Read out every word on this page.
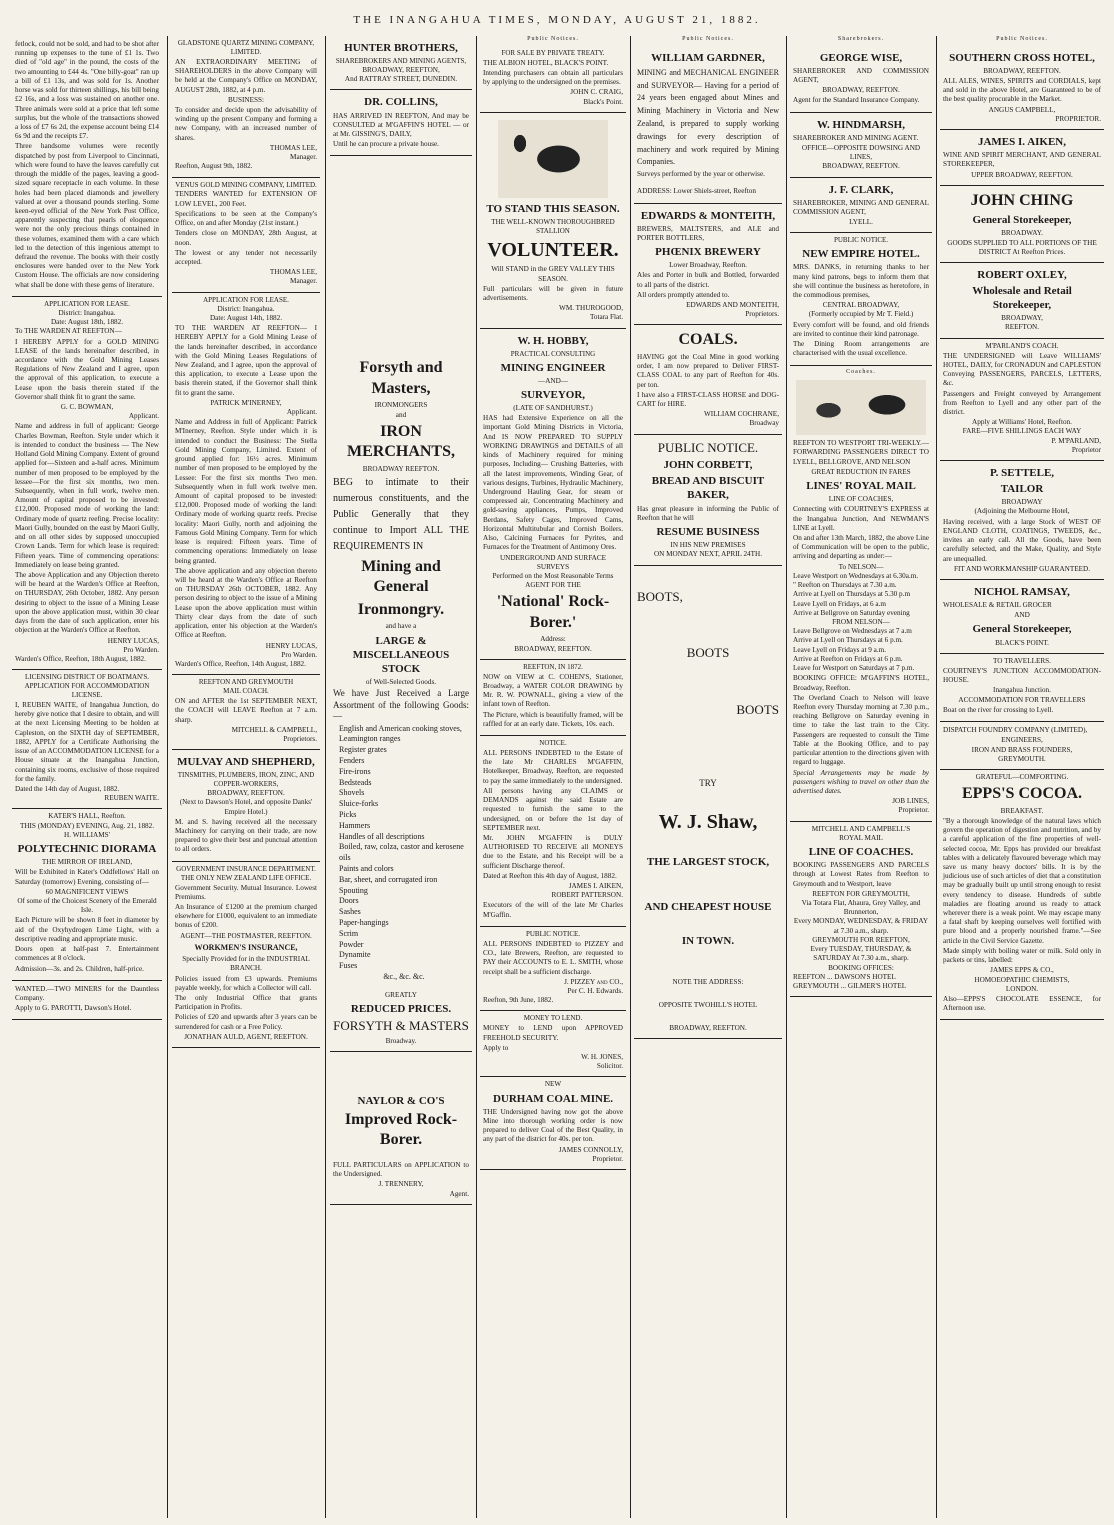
THE INANGAHUA TIMES, MONDAY, AUGUST 21, 1882.
fetlock, could not be sold, and had to be shot after running up expenses to the tune of £1 1s. Two died of "old age" in the pound, the costs of the two amounting to £44 4s. "One billy-goat" ran up a bill of £1 13s, and was sold for 1s. Another horse was sold for thirteen shillings, his bill being £2 16s, and a loss was sustained on another one. Three animals were sold at a price that left some surplus, but the whole of the transactions showed a loss of £7 6s 2d, the expense account being £14 6s 9d and the receipts £7.
Three handsome volumes were recently dispatched by post from Liverpool to Cincinnati, which were found to have the leaves carefully cut through the middle of the pages, leaving a good-sized square receptacle in each volume. In these holes had been placed diamonds and jewellery valued at over a thousand pounds sterling. Some keen-eyed official of the New York Post Office, apparently suspecting that pearls of eloquence were not the only precious things contained in these volumes, examined them with a care which led to the detection of this ingenious attempt to defraud the revenue. The books with their costly enclosures were handed over to the New York Custom House. The officials are now considering what shall be done with these gems of literature.
APPLICATION FOR LEASE.
District: Inangahua.
Date: August 18th, 1882.
To THE WARDEN AT REEFTON—
I HEREBY APPLY for a GOLD MINING LEASE of the lands hereinafter described, in accordance with the Gold Mining Leases Regulations of New Zealand and I agree, upon the approval of this application, to execute a Lease upon the basis therein stated if the Governor shall think fit to grant the same.
G. C. BOWMAN,
Applicant.
Name and address in full of applicant: George Charles Bowman, Reefton. Style under which it is intended to conduct the business — The New Holland Gold Mining Company. Extent of ground applied for—Sixteen and a-half acres. Minimum number of men proposed to be employed by the lessee—For the first six months, two men. Subsequently, when in full work, twelve men. Amount of capital proposed to be invested: £12,000. Proposed mode of working the land: Ordinary mode of quartz reefing. Precise locality: Maori Gully, bounded on the east by Maori Gully, and on all other sides by supposed unoccupied Crown Lands. Term for which lease is required: Fifteen years. Time of commencing operations: Immediately on lease being granted.
The above Application and any Objection thereto will be heard at the Warden's Office at Reefton, on THURSDAY, 26th October, 1882. Any person desiring to object to the issue of a Mining Lease upon the above application must, within 30 clear days from the date of such application, enter his objection at the Warden's Office at Reefton.
HENRY LUCAS,
Pro Warden.
Warden's Office, Reefton, 18th August, 1882.
LICENSING DISTRICT OF BOATMAN'S.
APPLICATION FOR ACCOMMODATION LICENSE.
I, REUBEN WAITE, of Inangahua Junction, do hereby give notice that I desire to obtain, and will at the next Licensing Meeting to be holden at Capleston, on the SIXTH day of SEPTEMBER, 1882, APPLY for a Certificate Authorising the issue of an ACCOMMODATION LICENSE for a House situate at the Inangahua Junction, containing six rooms, exclusive of those required for the family.
Dated the 14th day of August, 1882.
REUBEN WAITE.
KATER'S HALL, Reefton.
THIS (MONDAY) EVENING, Aug. 21, 1882.
H. WILLIAMS'
POLYTECHNIC DIORAMA
THE MIRROR OF IRELAND,
Will be Exhibited in Kater's Oddfellows' Hall on Saturday (tomorrow) Evening, consisting of—
60 MAGNIFICENT VIEWS
Of some of the Choicest Scenery of the Emerald Isle.
Each Picture will be shown 8 feet in diameter by aid of the Oxyhydrogen Lime Light, with a descriptive reading and appropriate music.
Doors open at half-past 7. Entertainment commences at 8 o'clock.
Admission—3s. and 2s. Children, half-price.
WANTED.—TWO MINERS for the Dauntless Company.
Apply to G. PAROTTI, Dawson's Hotel.
GLADSTONE QUARTZ MINING COMPANY, LIMITED.
AN EXTRAORDINARY MEETING of SHAREHOLDERS in the above Company will be held at the Company's Office on MONDAY, AUGUST 28th, 1882, at 4 p.m.
BUSINESS:
To consider and decide upon the advisability of winding up the present Company and forming a new Company, with an increased number of shares.
THOMAS LEE,
Manager.
Reefton, August 9th, 1882.
VENUS GOLD MINING COMPANY, LIMITED.
TENDERS WANTED for EXTENSION OF LOW LEVEL, 200 Feet.
Specifications to be seen at the Company's Office, on and after Monday (21st instant.)
Tenders close on MONDAY, 28th August, at noon.
The lowest or any tender not necessarily accepted.
THOMAS LEE,
Manager.
APPLICATION FOR LEASE.
District: Inangahua.
Date: August 14th, 1882.
TO THE WARDEN AT REEFTON— I HEREBY APPLY for a Gold Mining Lease of the lands hereinafter described, in accordance with the Gold Mining Leases Regulations of New Zealand, and I agree, upon the approval of this application, to execute a Lease upon the basis therein stated, if the Governor shall think fit to grant the same.
PATRICK M'INERNEY,
Applicant.
Name and Address in full of Applicant: Patrick M'Inerney, Reefton. Style under which it is intended to conduct the Business: The Stella Gold Mining Company, Limited. Extent of ground applied for: 16½ acres. Minimum number of men proposed to be employed by the Lessee: For the first six months Two men. Subsequently when in full work twelve men. Amount of capital proposed to be invested: £12,000. Proposed mode of working the land: Ordinary mode of working quartz reefs. Precise locality: Maori Gully, north and adjoining the Famous Gold Mining Company. Term for which lease is required: Fifteen years. Time of commencing operations: Immediately on lease being granted.
The above application and any objection thereto will be heard at the Warden's Office at Reefton on THURSDAY 26th OCTOBER, 1882. Any person desiring to object to the issue of a Mining Lease upon the above application must within Thirty clear days from the date of such application, enter his objection at the Warden's Office at Reefton.
HENRY LUCAS,
Pro Warden.
Warden's Office, Reefton, 14th August, 1882.
REEFTON AND GREYMOUTH
MAIL COACH.
ON and AFTER the 1st SEPTEMBER NEXT, the COACH will LEAVE Reefton at 7 a.m. sharp.
MITCHELL & CAMPBELL,
Proprietors.
MULVAY AND SHEPHERD,
TINSMITHS, PLUMBERS, IRON, ZINC, AND COPPER-WORKERS,
BROADWAY, REEFTON.
(Next to Dawson's Hotel, and opposite Danks' Empire Hotel.)
M. and S. having received all the necessary Machinery for carrying on their trade, are now prepared to give their best and punctual attention to all orders.
GOVERNMENT INSURANCE DEPARTMENT.
THE ONLY NEW ZEALAND LIFE OFFICE.
Government Security. Mutual Insurance. Lowest Premiums.
An Insurance of £1200 at the premium charged elsewhere for £1000, equivalent to an immediate bonus of £200.
AGENT—THE POSTMASTER, REEFTON.
WORKMEN'S INSURANCE,
Specially Provided for in the INDUSTRIAL BRANCH.
Policies issued from £3 upwards. Premiums payable weekly, for which a Collector will call.
The only Industrial Office that grants Participation in Profits.
Policies of £20 and upwards after 3 years can be surrendered for cash or a Free Policy.
JONATHAN AULD, AGENT, REEFTON.
HUNTER BROTHERS,
SHAREBROKERS AND MINING AGENTS,
BROADWAY, REEFTON,
And RATTRAY STREET, DUNEDIN.
DR. COLLINS,
HAS ARRIVED IN REEFTON, And may be CONSULTED at M'GAFFIN'S HOTEL — or at Mr. GISSING'S, DAILY,
Until he can procure a private house.
Forsyth and Masters,
IRONMONGERS
and
IRON MERCHANTS,
BROADWAY REEFTON.
BEG to intimate to their numerous constituents, and the Public Generally that they continue to Import ALL THE REQUIREMENTS IN
Mining and General
Ironmongry.
and have a
LARGE & MISCELLANEOUS STOCK
of Well-Selected Goods.
We have Just Received a Large Assortment of the following Goods:—
English and American cooking stoves,
Leamington ranges
Register grates
Fenders
Fire-irons
Bedsteads
Shovels
Sluice-forks
Picks
Hammers
Handles of all descriptions
Boiled, raw, colza, castor and kerosene oils
Paints and colors
Bar, sheet, and corrugated iron
Spouting
Doors
Sashes
Paper-hangings
Scrim
Powder
Dynamite
Fuses
&c., &c. &c.
GREATLY
REDUCED PRICES.
FORSYTH & MASTERS
Broadway.
NAYLOR & CO'S
Improved Rock-Borer.
FULL PARTICULARS on APPLICATION to the Undersigned.
J. TRENNERY,
Agent.
Public Notices.
FOR SALE BY PRIVATE TREATY.
THE ALBION HOTEL, BLACK'S POINT.
Intending purchasers can obtain all particulars by applying to the undersigned on the premises.
JOHN C. CRAIG,
Black's Point.
TO STAND THIS SEASON.
THE WELL-KNOWN THOROUGHBRED STALLION
VOLUNTEER.
Will STAND in the GREY VALLEY THIS SEASON.
Full particulars will be given in future advertisements.
WM. THUROGOOD,
Totara Flat.
W. H. HOBBY,
PRACTICAL CONSULTING
MINING ENGINEER
—AND—
SURVEYOR,
(LATE OF SANDHURST.)
HAS had Extensive Experience on all the important Gold Mining Districts in Victoria, And IS NOW PREPARED TO SUPPLY WORKING DRAWINGS and DETAILS of all kinds of Machinery required for mining purposes, Including— Crushing Batteries, with all the latest improvements, Winding Gear, of various designs, Turbines, Hydraulic Machinery, Underground Hauling Gear, for steam or compressed air, Concentrating Machinery and gold-saving appliances, Pumps, Improved Berdans, Safety Cages, Improved Cams, Horizontal Multitubular and Cornish Boilers. Also, Calcining Furnaces for Pyrites, and Furnaces for the Treatment of Antimony Ores.
UNDERGROUND AND SURFACE SURVEYS
Performed on the Most Reasonable Terms
AGENT FOR THE
'National' Rock-Borer.'
Address:
BROADWAY, REEFTON.
REEFTON, IN 1872.
NOW on VIEW at C. COHEN'S, Stationer, Broadway, a WATER COLOR DRAWING by Mr. R. W. POWNALL, giving a view of the infant town of Reefton.
The Picture, which is beautifully framed, will be raffled for at an early date. Tickets, 10s. each.
NOTICE.
ALL PERSONS INDEBTED to the Estate of the late Mr CHARLES M'GAFFIN, Hotelkeeper, Broadway, Reefton, are requested to pay the same immediately to the undersigned.
All persons having any CLAIMS or DEMANDS against the said Estate are requested to furnish the same to the undersigned, on or before the 1st day of SEPTEMBER next.
Mr. JOHN M'GAFFIN is DULY AUTHORISED TO RECEIVE all MONEYS due to the Estate, and his Receipt will be a sufficient Discharge thereof.
Dated at Reefton this 4th day of August, 1882.
JAMES I. AIKEN,
ROBERT PATTERSON.
Executors of the will of the late Mr Charles M'Gaffin.
PUBLIC NOTICE.
ALL PERSONS INDEBTED to PIZZEY and CO., late Brewers, Reefton, are requested to PAY their ACCOUNTS to E. L. SMITH, whose receipt shall be a sufficient discharge.
J. PIZZEY and CO.,
Per C. H. Edwards.
Reefton, 9th June, 1882.
MONEY TO LEND.
MONEY to LEND upon APPROVED FREEHOLD SECURITY.
Apply to
W. H. JONES,
Solicitor.
NEW
DURHAM COAL MINE.
THE Undersigned having now got the above Mine into thorough working order is now prepared to deliver Coal of the Best Quality, in any part of the district for 40s. per ton.
JAMES CONNOLLY,
Proprietor.
Public Notices.
WILLIAM GARDNER,
MINING and MECHANICAL ENGINEER and SURVEYOR— Having for a period of 24 years been engaged about Mines and Mining Machinery in Victoria and New Zealand, is prepared to supply working drawings for every description of machinery and work required by Mining Companies.
Surveys performed by the year or otherwise.
ADDRESS: Lower Shiels-street, Reefton
EDWARDS & MONTEITH,
BREWERS, MALTSTERS, and ALE and PORTER BOTTLERS,
PHŒNIX BREWERY
Lower Broadway, Reefton.
Ales and Porter in bulk and Bottled, forwarded to all parts of the district.
All orders promptly attended to.
EDWARDS AND MONTEITH,
Proprietors.
COALS.
HAVING got the Coal Mine in good working order, I am now prepared to Deliver FIRST-CLASS COAL to any part of Reefton for 40s. per ton.
I have also a FIRST-CLASS HORSE and DOG-CART for HIRE.
WILLIAM COCHRANE,
Broadway
PUBLIC NOTICE.
JOHN CORBETT,
BREAD AND BISCUIT BAKER,
Has great pleasure in informing the Public of Reefton that he will
RESUME BUSINESS
IN HIS NEW PREMISES
ON MONDAY NEXT, APRIL 24TH.
BOOTS,
BOOTS
BOOTS
TRY
W. J. Shaw,
THE LARGEST STOCK,
AND CHEAPEST HOUSE
IN TOWN.
NOTE THE ADDRESS:
OPPOSITE TWOHILL'S HOTEL
BROADWAY, REEFTON.
Sharebrokers.
GEORGE WISE,
SHAREBROKER AND COMMISSION AGENT,
BROADWAY, REEFTON.
Agent for the Standard Insurance Company.
W. HINDMARSH,
SHAREBROKER AND MINING AGENT.
OFFICE—OPPOSITE DOWSING AND LINES,
BROADWAY, REEFTON.
J. F. CLARK,
SHAREBROKER, MINING AND GENERAL COMMISSION AGENT,
LYELL.
PUBLIC NOTICE.
NEW EMPIRE HOTEL.
MRS. DANKS, in returning thanks to her many kind patrons, begs to inform them that she will continue the business as heretofore, in the commodious premises,
CENTRAL BROADWAY,
(Formerly occupied by Mr T. Field.)
Every comfort will be found, and old friends are invited to continue their kind patronage.
The Dining Room arrangements are characterised with the usual excellence.
Coaches.
REEFTON TO WESTPORT TRI-WEEKLY.—FORWARDING PASSENGERS DIRECT TO LYELL, BELLGROVE, AND NELSON
GREAT REDUCTION IN FARES
LINES' ROYAL MAIL
LINE OF COACHES,
Connecting with COURTNEY'S EXPRESS at the Inangahua Junction, And NEWMAN'S LINE at Lyell.
On and after 13th March, 1882, the above Line of Communication will be open to the public, arriving and departing as under:—
To NELSON—
Leave Westport on Wednesdays at 6.30a.m.
" Reefton on Thursdays at 7.30 a.m.
Arrive at Lyell on Thursdays at 5.30 p.m
Leave Lyell on Fridays, at 6 a.m
Arrive at Bellgrove on Saturday evening
FROM NELSON—
Leave Bellgrove on Wednesdays at 7 a.m
Arrive at Lyell on Thursdays at 6 p.m.
Leave Lyell on Fridays at 9 a.m.
Arrive at Reefton on Fridays at 6 p.m.
Leave for Westport on Saturdays at 7 p.m.
BOOKING OFFICE: M'GAFFIN'S HOTEL, Broadway, Reefton.
The Overland Coach to Nelson will leave Reefton every Thursday morning at 7.30 p.m., reaching Bellgrove on Saturday evening in time to take the last train to the City. Passengers are requested to consult the Time Table at the Booking Office, and to pay particular attention to the directions given with regard to luggage.
Special Arrangements may be made by passengers wishing to travel on other than the advertised dates.
JOB LINES,
Proprietor.
MITCHELL AND CAMPBELL'S
ROYAL MAIL
LINE OF COACHES.
BOOKING PASSENGERS AND PARCELS through at Lowest Rates from Reefton to Greymouth and to Westport, leave
REEFTON FOR GREYMOUTH,
Via Totara Flat, Ahaura, Grey Valley, and Brunnerton,
Every MONDAY, WEDNESDAY, & FRIDAY at 7.30 a.m., sharp.
GREYMOUTH FOR REEFTON,
Every TUESDAY, THURSDAY, & SATURDAY At 7.30 a.m., sharp.
BOOKING OFFICES:
REEFTON ... DAWSON'S HOTEL
GREYMOUTH ... GILMER'S HOTEL
Public Notices.
SOUTHERN CROSS HOTEL,
BROADWAY, REEFTON.
ALL ALES, WINES, SPIRITS and CORDIALS, kept and sold in the above Hotel, are Guaranteed to be of the best quality procurable in the Market.
ANGUS CAMPBELL,
PROPRIETOR.
JAMES I. AIKEN,
WINE AND SPIRIT MERCHANT, AND GENERAL STOREKEEPER,
UPPER BROADWAY, REEFTON.
JOHN CHING
General Storekeeper,
BROADWAY.
GOODS SUPPLIED TO ALL PORTIONS OF THE DISTRICT At Reefton Prices.
ROBERT OXLEY,
Wholesale and Retail Storekeeper,
BROADWAY,
REEFTON.
M'PARLAND'S COACH.
THE UNDERSIGNED will Leave WILLIAMS' HOTEL, DAILY, for CRONADUN and CAPLESTON Conveying PASSENGERS, PARCELS, LETTERS, &c.
Passengers and Freight conveyed by Arrangement from Reefton to Lyell and any other part of the district.
Apply at Williams' Hotel, Reefton.
FARE—FIVE SHILLINGS EACH WAY
P. M'PARLAND,
Proprietor
P. SETTELE,
TAILOR
BROADWAY
(Adjoining the Melbourne Hotel,
Having received, with a large Stock of WEST OF ENGLAND CLOTH, COATINGS, TWEEDS, &c., invites an early call. All the Goods, have been carefully selected, and the Make, Quality, and Style are unequalled.
FIT AND WORKMANSHIP GUARANTEED.
NICHOL RAMSAY,
WHOLESALE & RETAIL GROCER
AND
General Storekeeper,
BLACK'S POINT.
TO TRAVELLERS.
COURTNEY'S JUNCTION ACCOMMODATION-HOUSE.
Inangahua Junction.
ACCOMMODATION FOR TRAVELLERS
Boat on the river for crossing to Lyell.
DISPATCH FOUNDRY COMPANY (LIMITED),
ENGINEERS,
IRON AND BRASS FOUNDERS,
GREYMOUTH.
GRATEFUL—COMFORTING.
EPPS'S COCOA.
BREAKFAST.
"By a thorough knowledge of the natural laws which govern the operation of digestion and nutrition, and by a careful application of the fine properties of well-selected cocoa, Mr. Epps has provided our breakfast tables with a delicately flavoured beverage which may save us many heavy doctors' bills. It is by the judicious use of such articles of diet that a constitution may be gradually built up until strong enough to resist every tendency to disease. Hundreds of subtle maladies are floating around us ready to attack wherever there is a weak point. We may escape many a fatal shaft by keeping ourselves well fortified with pure blood and a properly nourished frame."—See article in the Civil Service Gazette.
Made simply with boiling water or milk. Sold only in packets or tins, labelled:
JAMES EPPS & CO.,
HOMOEOPATHIC CHEMISTS,
LONDON.
Also—EPPS'S CHOCOLATE ESSENCE, for Afternoon use.
